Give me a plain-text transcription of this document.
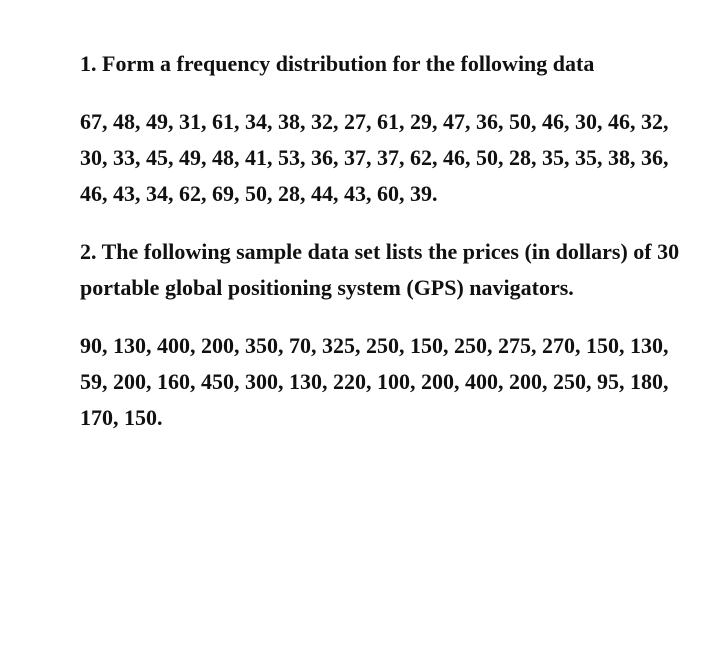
1. Form a frequency distribution for the following data

67, 48, 49, 31, 61, 34, 38, 32, 27, 61, 29, 47, 36, 50, 46, 30, 46, 32, 30, 33, 45, 49, 48, 41, 53, 36, 37, 37, 62, 46, 50, 28, 35, 35, 38, 36, 46, 43, 34, 62, 69, 50, 28, 44, 43, 60, 39.

2. The following sample data set lists the prices (in dollars) of 30 portable global positioning system (GPS) navigators.

90, 130, 400, 200, 350, 70, 325, 250, 150, 250, 275, 270, 150, 130, 59, 200, 160, 450, 300, 130, 220, 100, 200, 400, 200, 250, 95, 180, 170, 150.
